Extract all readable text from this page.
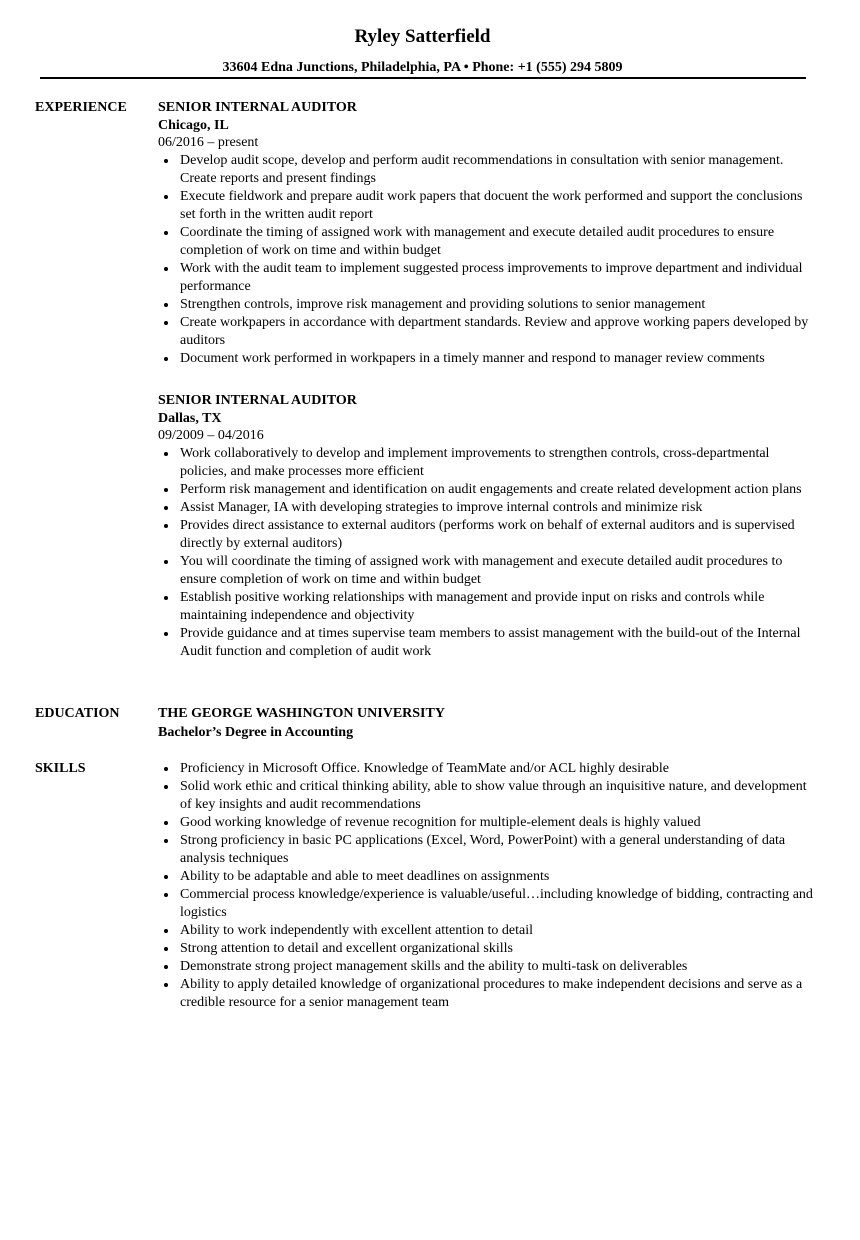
Ryley Satterfield
33604 Edna Junctions, Philadelphia, PA • Phone: +1 (555) 294 5809
EXPERIENCE SENIOR INTERNAL AUDITOR
Chicago, IL
06/2016 – present
Develop audit scope, develop and perform audit recommendations in consultation with senior management. Create reports and present findings
Execute fieldwork and prepare audit work papers that docuent the work performed and support the conclusions set forth in the written audit report
Coordinate the timing of assigned work with management and execute detailed audit procedures to ensure completion of work on time and within budget
Work with the audit team to implement suggested process improvements to improve department and individual performance
Strengthen controls, improve risk management and providing solutions to senior management
Create workpapers in accordance with department standards. Review and approve working papers developed by auditors
Document work performed in workpapers in a timely manner and respond to manager review comments
SENIOR INTERNAL AUDITOR
Dallas, TX
09/2009 – 04/2016
Work collaboratively to develop and implement improvements to strengthen controls, cross-departmental policies, and make processes more efficient
Perform risk management and identification on audit engagements and create related development action plans
Assist Manager, IA with developing strategies to improve internal controls and minimize risk
Provides direct assistance to external auditors (performs work on behalf of external auditors and is supervised directly by external auditors)
You will coordinate the timing of assigned work with management and execute detailed audit procedures to ensure completion of work on time and within budget
Establish positive working relationships with management and provide input on risks and controls while maintaining independence and objectivity
Provide guidance and at times supervise team members to assist management with the build-out of the Internal Audit function and completion of audit work
EDUCATION	THE GEORGE WASHINGTON UNIVERSITY
Bachelor’s Degree in Accounting
SKILLS	Proficiency in Microsoft Office. Knowledge of TeamMate and/or ACL highly desirable
Solid work ethic and critical thinking ability, able to show value through an inquisitive nature, and development of key insights and audit recommendations
Good working knowledge of revenue recognition for multiple-element deals is highly valued
Strong proficiency in basic PC applications (Excel, Word, PowerPoint) with a general understanding of data analysis techniques
Ability to be adaptable and able to meet deadlines on assignments
Commercial process knowledge/experience is valuable/useful…including knowledge of bidding, contracting and logistics
Ability to work independently with excellent attention to detail
Strong attention to detail and excellent organizational skills
Demonstrate strong project management skills and the ability to multi-task on deliverables
Ability to apply detailed knowledge of organizational procedures to make independent decisions and serve as a credible resource for a senior management team
